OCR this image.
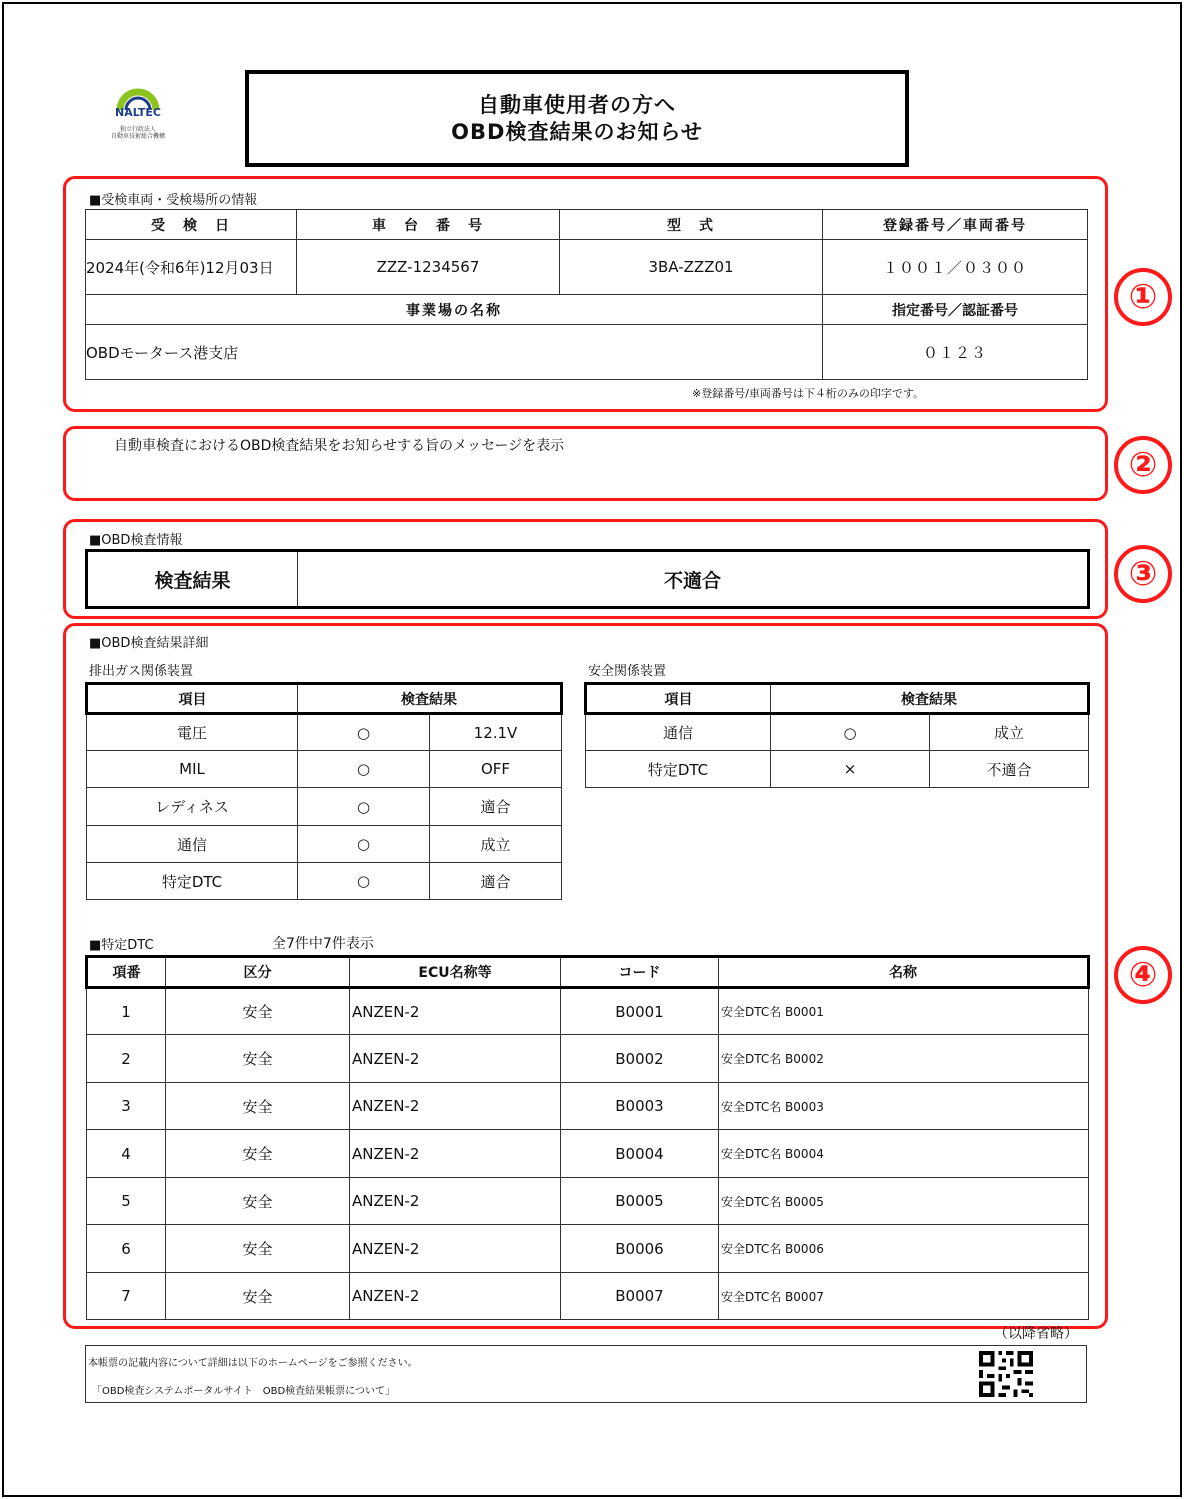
NALTEC
独立行政法人
自動車技術総合機構
自動車使用者の方へ
OBD検査結果のお知らせ
①
■受検車両・受検場所の情報
受　検　日	車　台　番　号	型　式	登録番号／車両番号
2024年(令和6年)12月03日	ZZZ-1234567	3BA-ZZZ01	１００１／０３００
事業場の名称			指定番号／認証番号
OBDモータース港支店			０１２３
※登録番号/車両番号は下４桁のみの印字です。
②
自動車検査におけるOBD検査結果をお知らせする旨のメッセージを表示
③
■OBD検査情報
検査結果	不適合
④
■OBD検査結果詳細
排出ガス関係装置
項目	検査結果	
電圧	○	12.1V
MIL	○	OFF
レディネス	○	適合
通信	○	成立
特定DTC	○	適合
安全関係装置
項目	検査結果	
通信	○	成立
特定DTC	×	不適合
■特定DTC	全7件中7件表示
項番	区分	ECU名称等	コード	名称
1	安全	ANZEN-2	B0001	安全DTC名 B0001
2	安全	ANZEN-2	B0002	安全DTC名 B0002
3	安全	ANZEN-2	B0003	安全DTC名 B0003
4	安全	ANZEN-2	B0004	安全DTC名 B0004
5	安全	ANZEN-2	B0005	安全DTC名 B0005
6	安全	ANZEN-2	B0006	安全DTC名 B0006
7	安全	ANZEN-2	B0007	安全DTC名 B0007
（以降省略）
本帳票の記載内容について詳細は以下のホームページをご参照ください。
「OBD検査システムポータルサイト　OBD検査結果帳票について」
